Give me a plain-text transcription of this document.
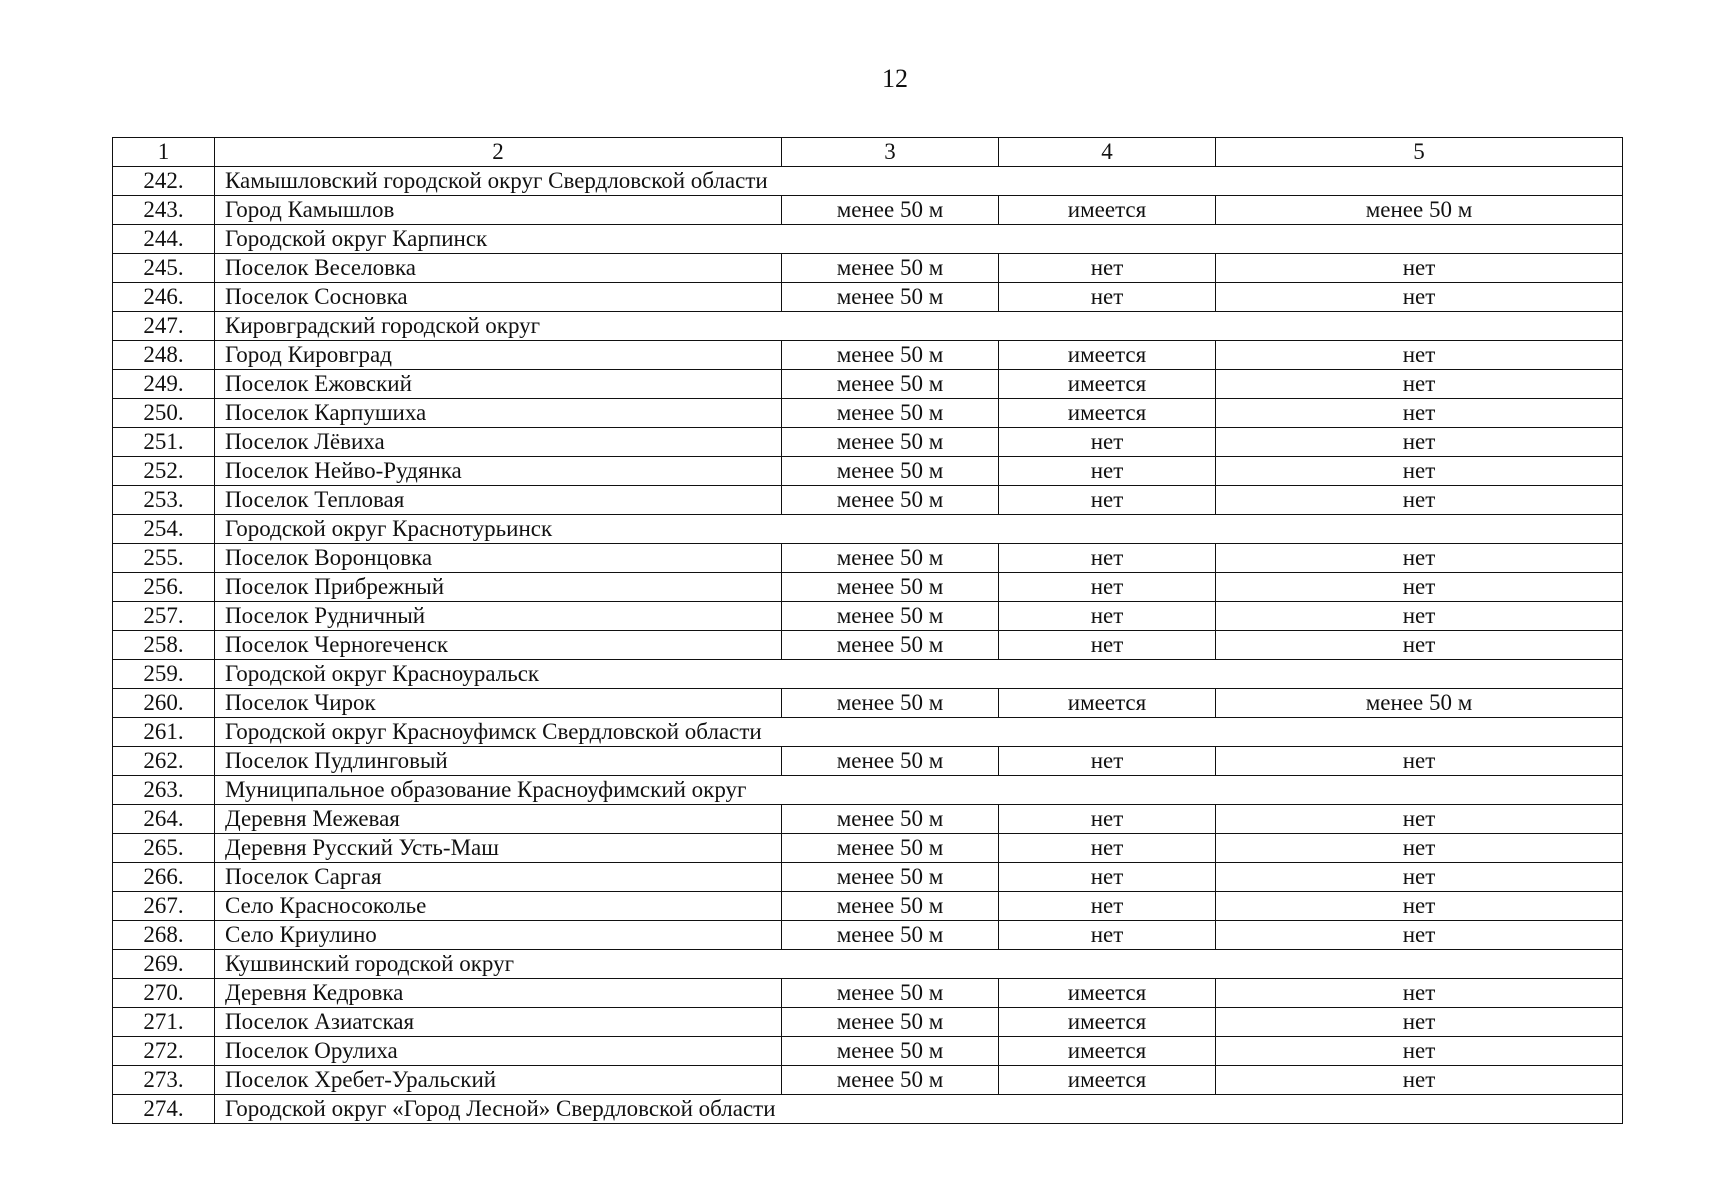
12
1	2	3	4	5
242.	Камышловский городской округ Свердловской области			
243.	Город Камышлов	менее 50 м	имеется	менее 50 м
244.	Городской округ Карпинск			
245.	Поселок Веселовка	менее 50 м	нет	нет
246.	Поселок Сосновка	менее 50 м	нет	нет
247.	Кировградский городской округ			
248.	Город Кировград	менее 50 м	имеется	нет
249.	Поселок Ежовский	менее 50 м	имеется	нет
250.	Поселок Карпушиха	менее 50 м	имеется	нет
251.	Поселок Лёвиха	менее 50 м	нет	нет
252.	Поселок Нейво-Рудянка	менее 50 м	нет	нет
253.	Поселок Тепловая	менее 50 м	нет	нет
254.	Городской округ Краснотурьинск			
255.	Поселок Воронцовка	менее 50 м	нет	нет
256.	Поселок Прибрежный	менее 50 м	нет	нет
257.	Поселок Рудничный	менее 50 м	нет	нет
258.	Поселок Черноreченск	менее 50 м	нет	нет
259.	Городской округ Красноуральск			
260.	Поселок Чирок	менее 50 м	имеется	менее 50 м
261.	Городской округ Красноуфимск Свердловской области			
262.	Поселок Пудлинговый	менее 50 м	нет	нет
263.	Муниципальное образование Красноуфимский округ			
264.	Деревня Межевая	менее 50 м	нет	нет
265.	Деревня Русский Усть-Маш	менее 50 м	нет	нет
266.	Поселок Саргая	менее 50 м	нет	нет
267.	Село Красносоколье	менее 50 м	нет	нет
268.	Село Криулино	менее 50 м	нет	нет
269.	Кушвинский городской округ			
270.	Деревня Кедровка	менее 50 м	имеется	нет
271.	Поселок Азиатская	менее 50 м	имеется	нет
272.	Поселок Орулиха	менее 50 м	имеется	нет
273.	Поселок Хребет-Уральский	менее 50 м	имеется	нет
274.	Городской округ «Город Лесной» Свердловской области			
